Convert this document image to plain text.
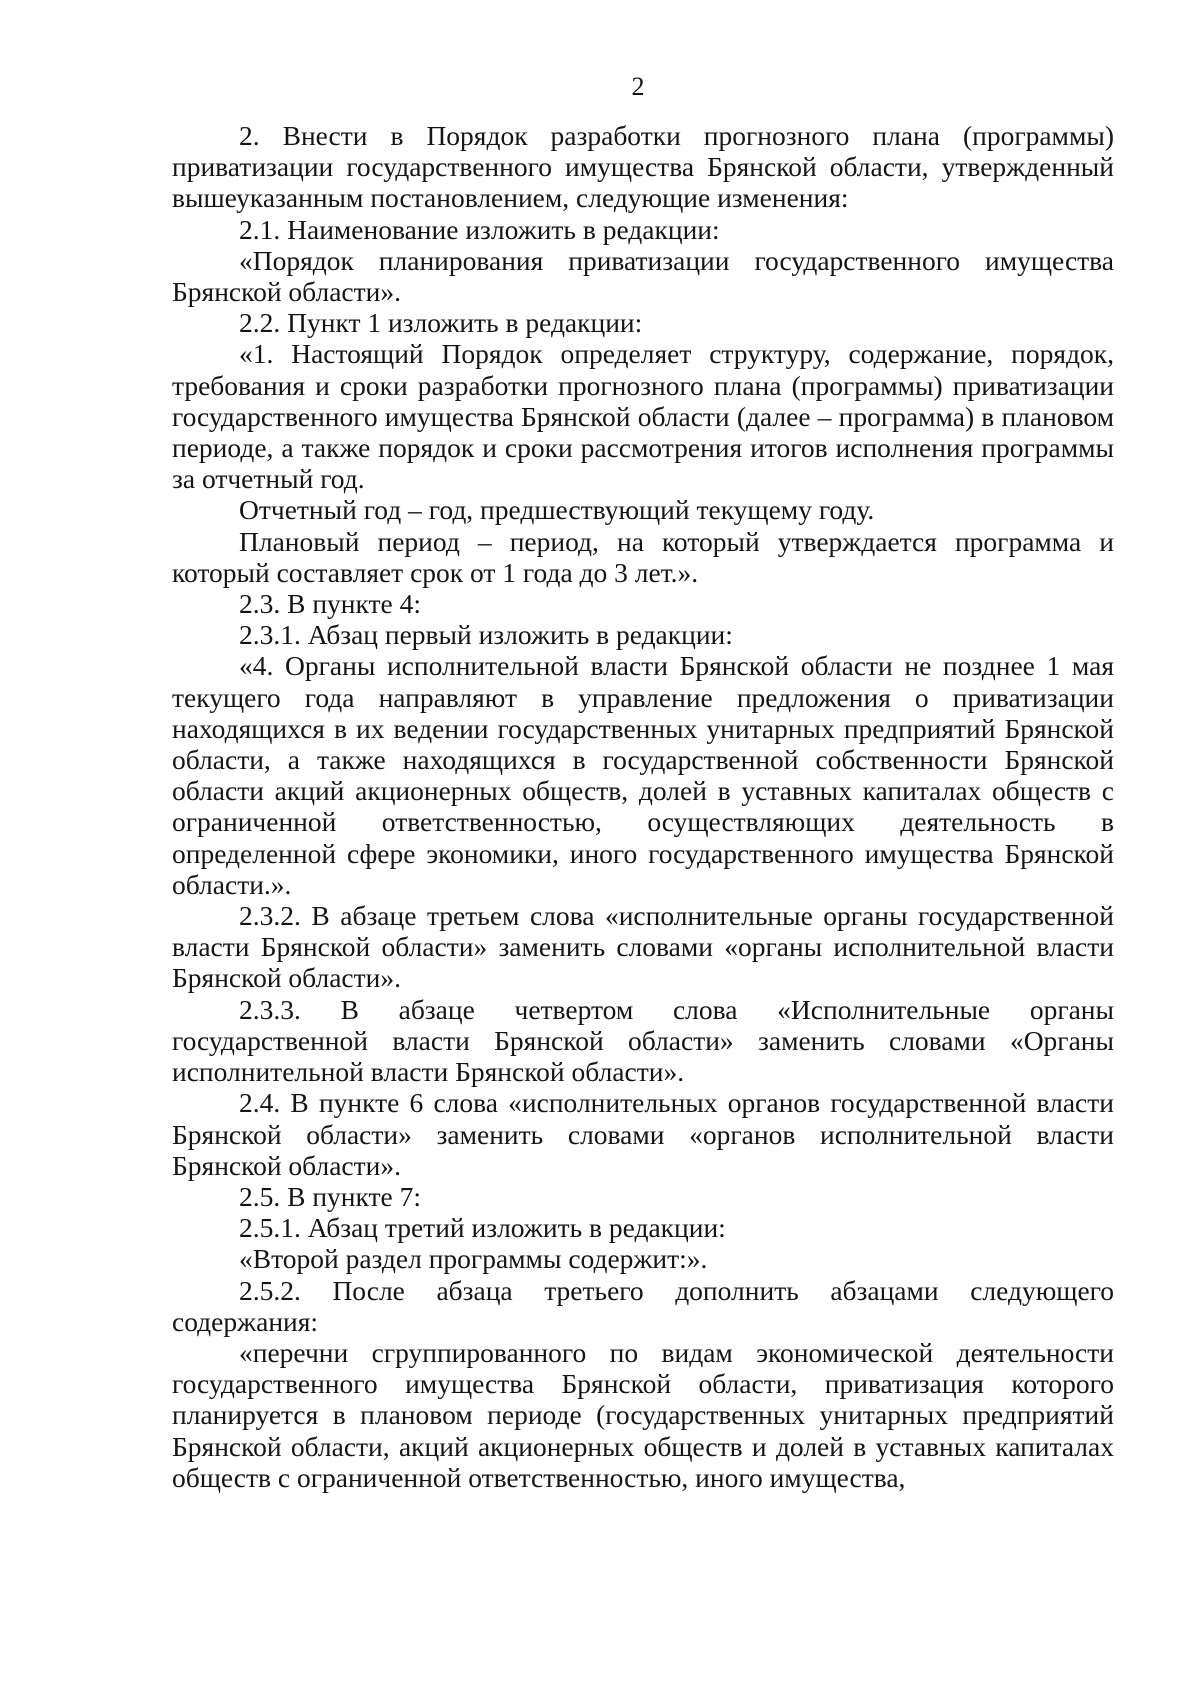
2

2. Внести в Порядок разработки прогнозного плана (программы) приватизации государственного имущества Брянской области, утвержденный вышеуказанным постановлением, следующие изменения:

2.1. Наименование изложить в редакции:

«Порядок планирования приватизации государственного имущества Брянской области».

2.2. Пункт 1 изложить в редакции:

«1. Настоящий Порядок определяет структуру, содержание, порядок, требования и сроки разработки прогнозного плана (программы) приватизации государственного имущества Брянской области (далее – программа) в плановом периоде, а также порядок и сроки рассмотрения итогов исполнения программы за отчетный год.

Отчетный год – год, предшествующий текущему году.

Плановый период – период, на который утверждается программа и который составляет срок от 1 года до 3 лет.».

2.3. В пункте 4:

2.3.1. Абзац первый изложить в редакции:

«4. Органы исполнительной власти Брянской области не позднее 1 мая текущего года направляют в управление предложения о приватизации находящихся в их ведении государственных унитарных предприятий Брянской области, а также находящихся в государственной собственности Брянской области акций акционерных обществ, долей в уставных капиталах обществ с ограниченной ответственностью, осуществляющих деятельность в определенной сфере экономики, иного государственного имущества Брянской области.».

2.3.2. В абзаце третьем слова «исполнительные органы государственной власти Брянской области» заменить словами «органы исполнительной власти Брянской области».

2.3.3. В абзаце четвертом слова «Исполнительные органы государственной власти Брянской области» заменить словами «Органы исполнительной власти Брянской области».

2.4. В пункте 6 слова «исполнительных органов государственной власти Брянской области» заменить словами «органов исполнительной власти Брянской области».

2.5. В пункте 7:

2.5.1. Абзац третий изложить в редакции:

«Второй раздел программы содержит:».

2.5.2. После абзаца третьего дополнить абзацами следующего содержания:

«перечни сгруппированного по видам экономической деятельности государственного имущества Брянской области, приватизация которого планируется в плановом периоде (государственных унитарных предприятий Брянской области, акций акционерных обществ и долей в уставных капиталах обществ с ограниченной ответственностью, иного имущества,
